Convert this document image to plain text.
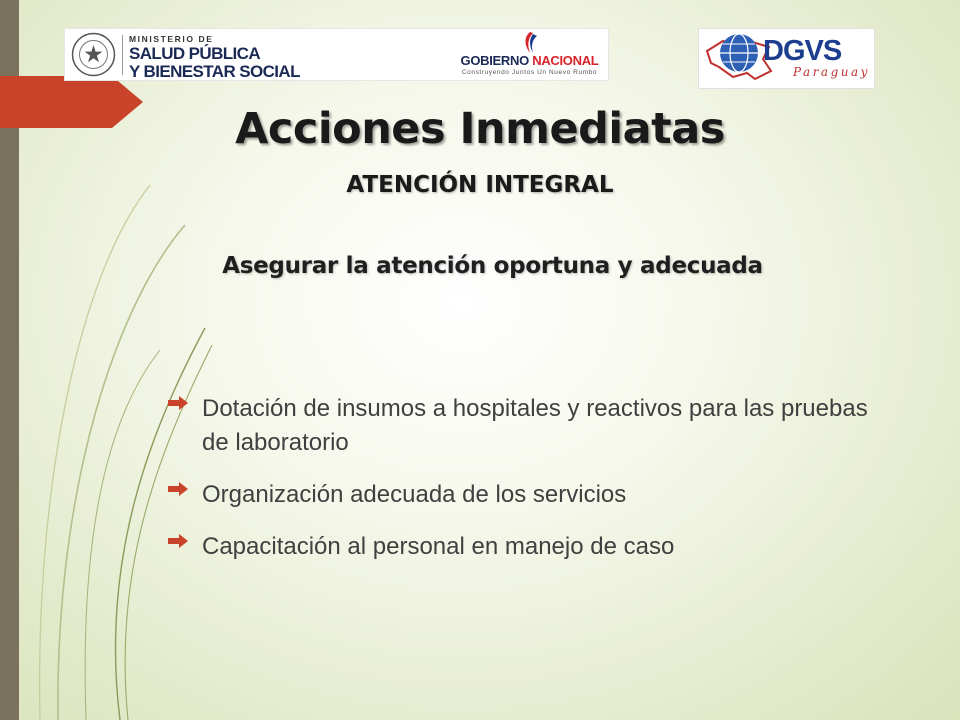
MINISTERIO DE
SALUD PÚBLICA
Y BIENESTAR SOCIAL
GOBIERNO NACIONAL
Construyendo Juntos Un Nuevo Rumbo
DGVS
Paraguay
Acciones Inmediatas
ATENCIÓN INTEGRAL
Asegurar la atención oportuna y adecuada
Dotación de insumos a hospitales y reactivos para las pruebas de laboratorio
Organización adecuada de los servicios
Capacitación al personal en manejo de caso
